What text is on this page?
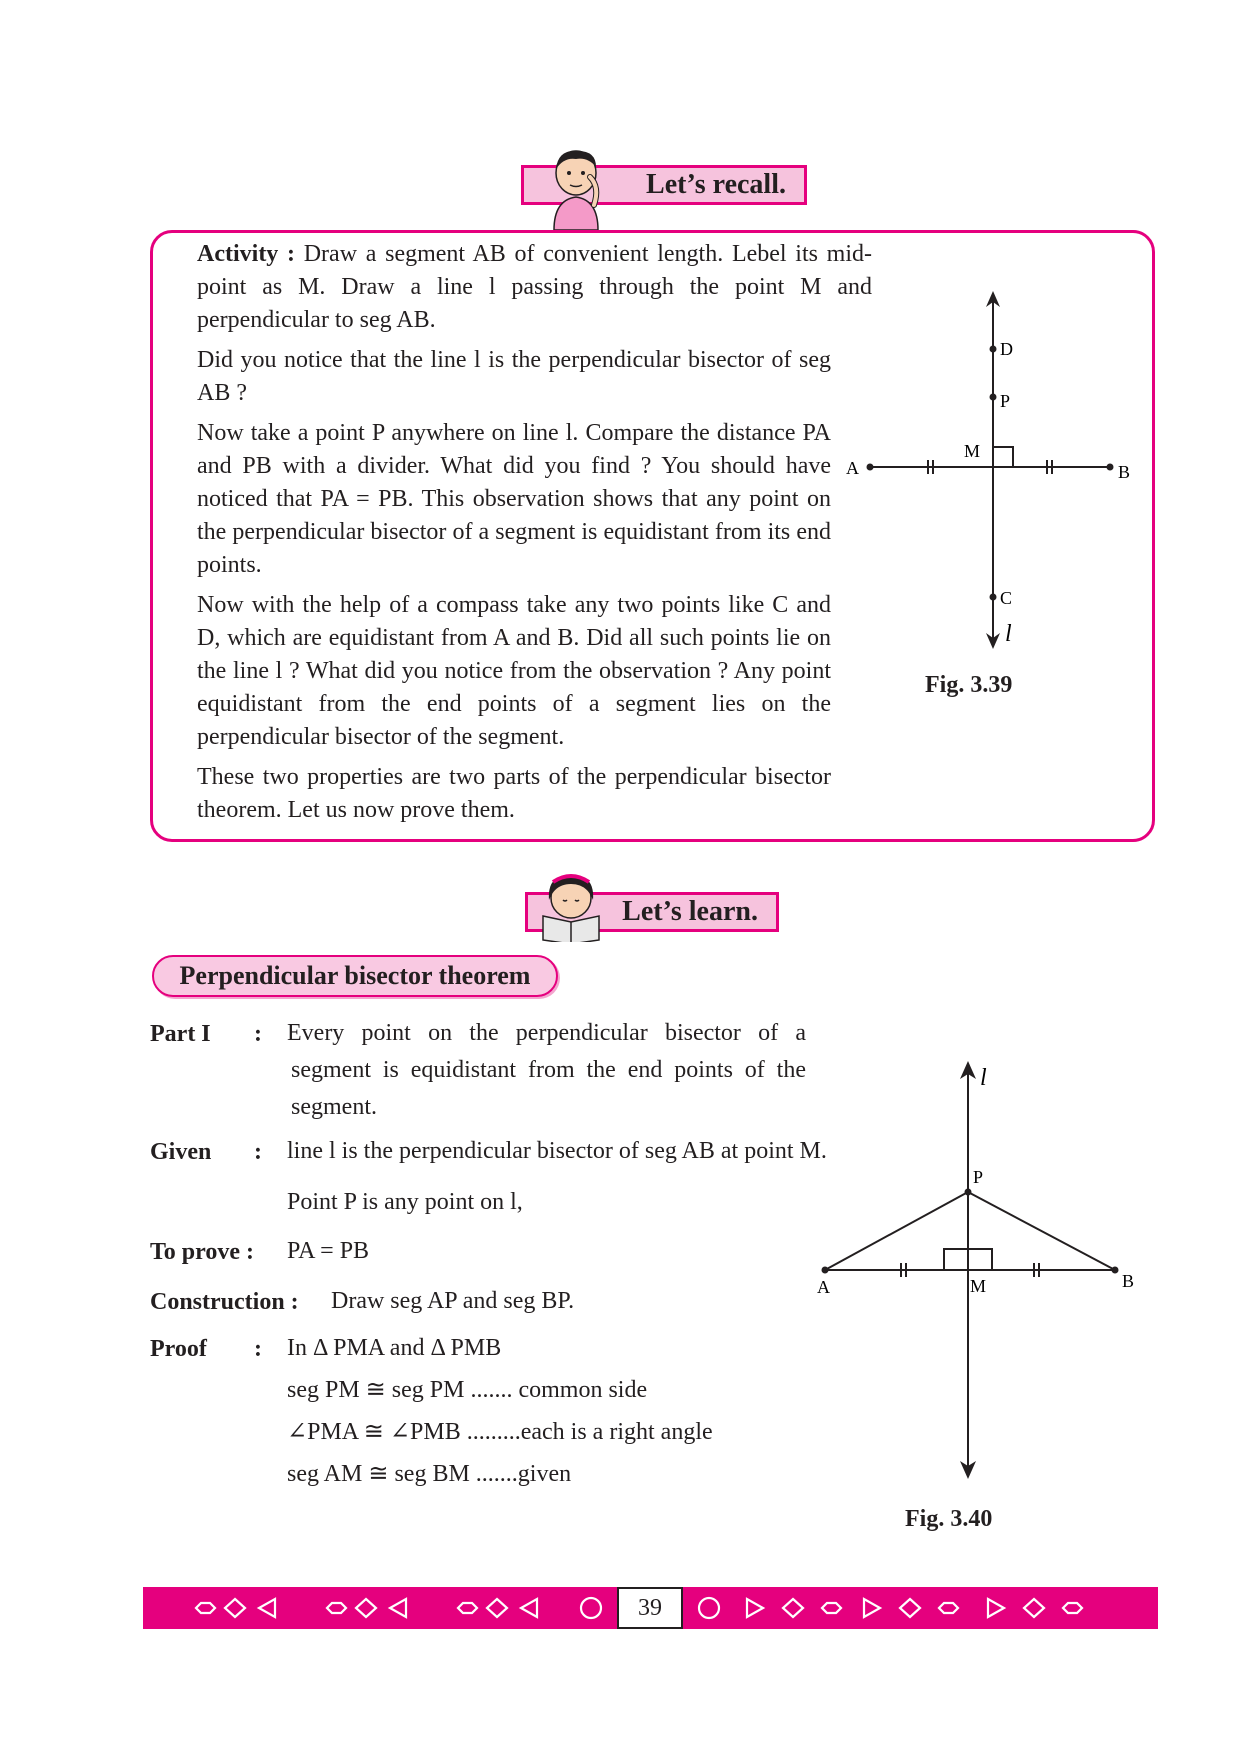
Let’s recall.

Activity : Draw a segment AB of convenient length. Lebel its mid-point as M. Draw a line l passing through the point M and perpendicular to seg AB.

Did you notice that the line l is the perpendicular bisector of seg AB ?

Now take a point P anywhere on line l. Compare the distance PA and PB with a divider. What did you find ? You should have noticed that PA = PB. This observation shows that any point on the perpendicular bisector of a segment is equidistant from its end points.

Now with the help of a compass take any two points like C and D, which are equidistant from A and B. Did all such points lie on the line l ? What did you notice from the observation ? Any point equidistant from the end points of a segment lies on the perpendicular bisector of the segment.

These two properties are two parts of the perpendicular bisector theorem. Let us now prove them.

A	B
M
D
P
C
l
Fig. 3.39
Let’s learn.
Perpendicular bisector theorem
Part I : Every point on the perpendicular bisector of a segment is equidistant from the end points of the segment.
Given : line l is the perpendicular bisector of seg AB at point M.
Point P is any point on l,
To prove : PA = PB
Construction : Draw seg AP and seg BP.
Proof : In Δ PMA and Δ PMB
seg PM ≅ seg PM ....... common side
∠PMA ≅ ∠PMB .........each is a right angle
seg AM ≅ seg BM .......given
A	B
M
P
l
Fig. 3.40
39
